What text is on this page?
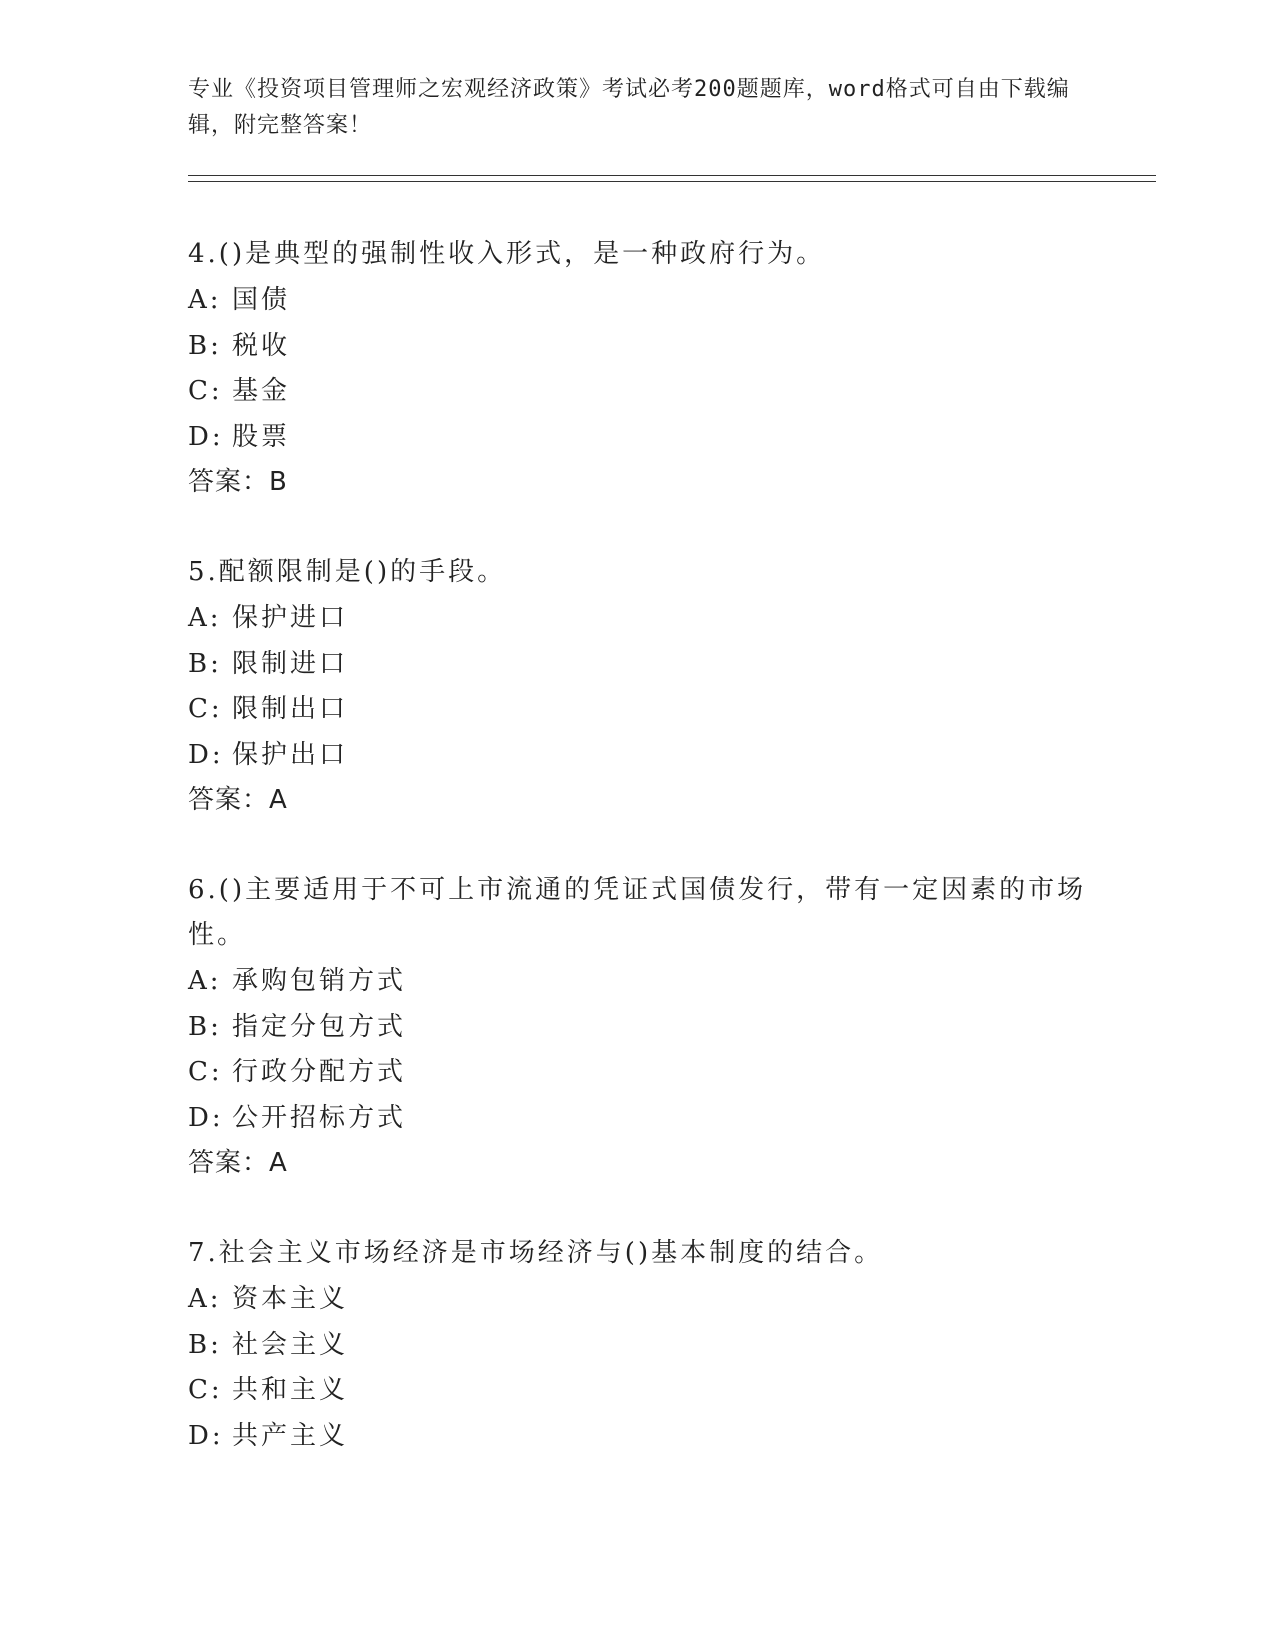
专业《投资项目管理师之宏观经济政策》考试必考200题题库，word格式可自由下载编辑，附完整答案！
4.()是典型的强制性收入形式，是一种政府行为。
A: 国债
B: 税收
C: 基金
D: 股票
答案：B
5.配额限制是()的手段。
A: 保护进口
B: 限制进口
C: 限制出口
D: 保护出口
答案：A
6.()主要适用于不可上市流通的凭证式国债发行，带有一定因素的市场性。
A: 承购包销方式
B: 指定分包方式
C: 行政分配方式
D: 公开招标方式
答案：A
7.社会主义市场经济是市场经济与()基本制度的结合。
A: 资本主义
B: 社会主义
C: 共和主义
D: 共产主义
